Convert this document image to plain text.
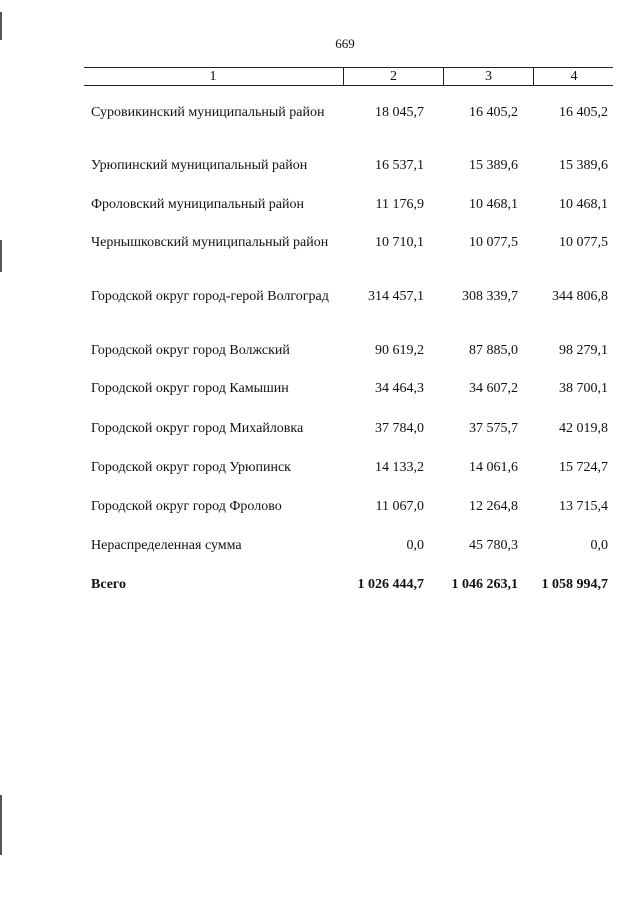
669
1	2	3	4
Суровикинский муниципальный район	18 045,7	16 405,2	16 405,2
Урюпинский муниципальный район	16 537,1	15 389,6	15 389,6
Фроловский муниципальный район	11 176,9	10 468,1	10 468,1
Чернышковский муниципальный район	10 710,1	10 077,5	10 077,5
Городской округ город-герой Волгоград	314 457,1	308 339,7	344 806,8
Городской округ город Волжский	90 619,2	87 885,0	98 279,1
Городской округ город Камышин	34 464,3	34 607,2	38 700,1
Городской округ город Михайловка	37 784,0	37 575,7	42 019,8
Городской округ город Урюпинск	14 133,2	14 061,6	15 724,7
Городской округ город Фролово	11 067,0	12 264,8	13 715,4
Нераспределенная сумма	0,0	45 780,3	0,0
Всего	1 026 444,7	1 046 263,1	1 058 994,7
